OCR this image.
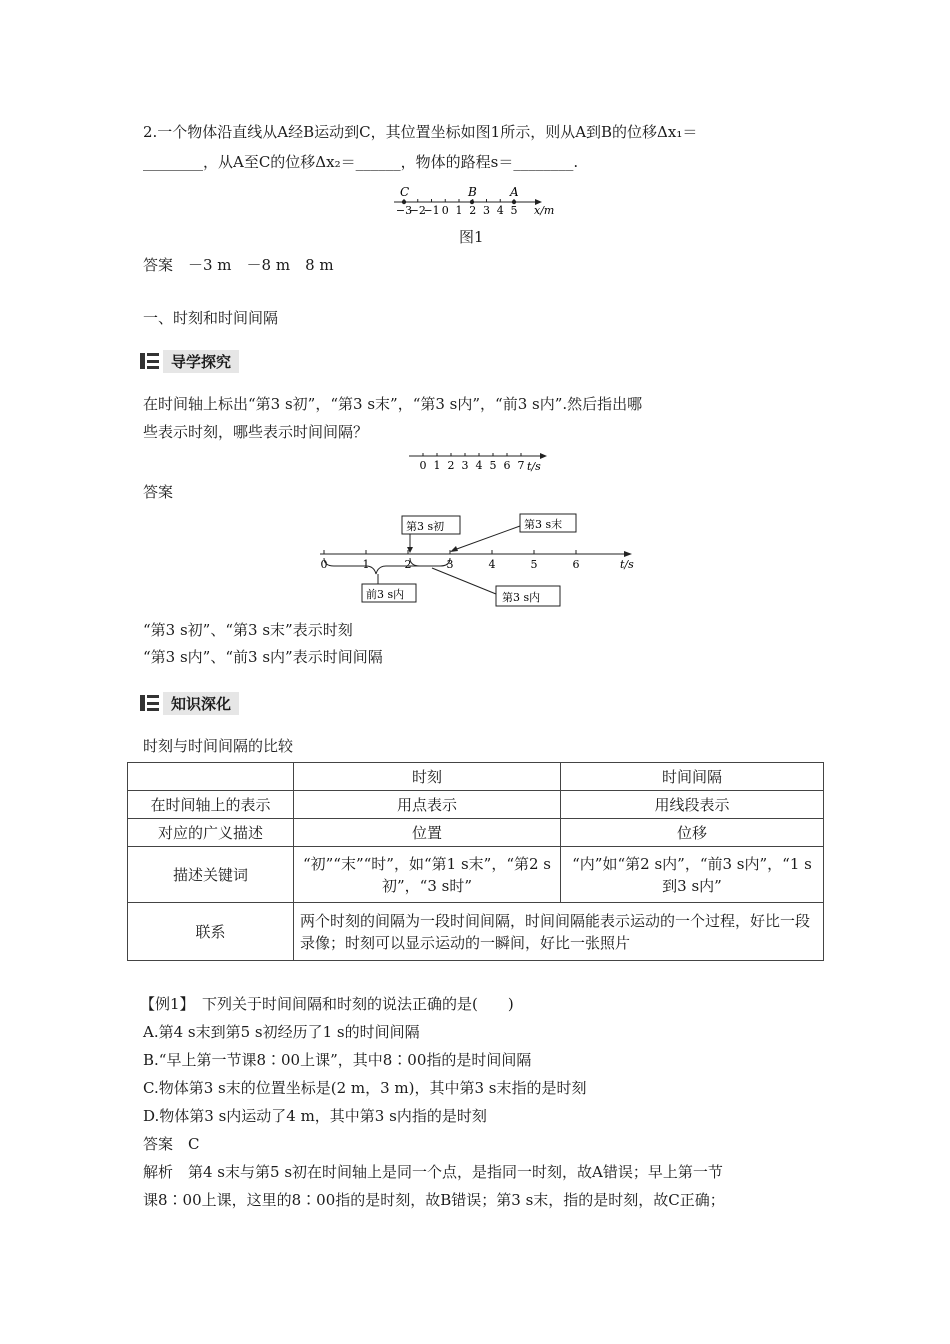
2.一个物体沿直线从A经B运动到C，其位置坐标如图1所示，则从A到B的位移Δx₁＝
________，从A至C的位移Δx₂＝______，物体的路程s＝________.
−3
−2
−1 0 1 2 3 4 5
C	B	A
x/m
图1
答案　－3 m　－8 m　8 m
一、时刻和时间间隔
导学探究
在时间轴上标出“第3 s初”，“第3 s末”，“第3 s内”，“前3 s内”.然后指出哪
些表示时刻，哪些表示时间间隔？
0 1 2 3 4 5 6 7 t/s
答案
0	1	2	3	4	5	6	t/s
第3 s初	第3 s末
前3 s内	第3 s内
“第3 s初”、“第3 s末”表示时刻
“第3 s内”、“前3 s内”表示时间间隔
知识深化
时刻与时间间隔的比较
	时刻	时间间隔
在时间轴上的表示	用点表示	用线段表示
对应的广义描述	位置	位移
描述关键词	“初”“末”“时”，如“第1 s末”，“第2 s初”，“3 s时”	“内”如“第2 s内”，“前3 s内”，“1 s到3 s内”
联系	两个时刻的间隔为一段时间间隔，时间间隔能表示运动的一个过程，好比一段录像；时刻可以显示运动的一瞬间，好比一张照片	
【例1】　下列关于时间间隔和时刻的说法正确的是(　　)
A.第4 s末到第5 s初经历了1 s的时间间隔
B.“早上第一节课8∶00上课”，其中8∶00指的是时间间隔
C.物体第3 s末的位置坐标是(2 m，3 m)，其中第3 s末指的是时刻
D.物体第3 s内运动了4 m，其中第3 s内指的是时刻
答案　C
解析　第4 s末与第5 s初在时间轴上是同一个点，是指同一时刻，故A错误；早上第一节
课8∶00上课，这里的8∶00指的是时刻，故B错误；第3 s末，指的是时刻，故C正确；
